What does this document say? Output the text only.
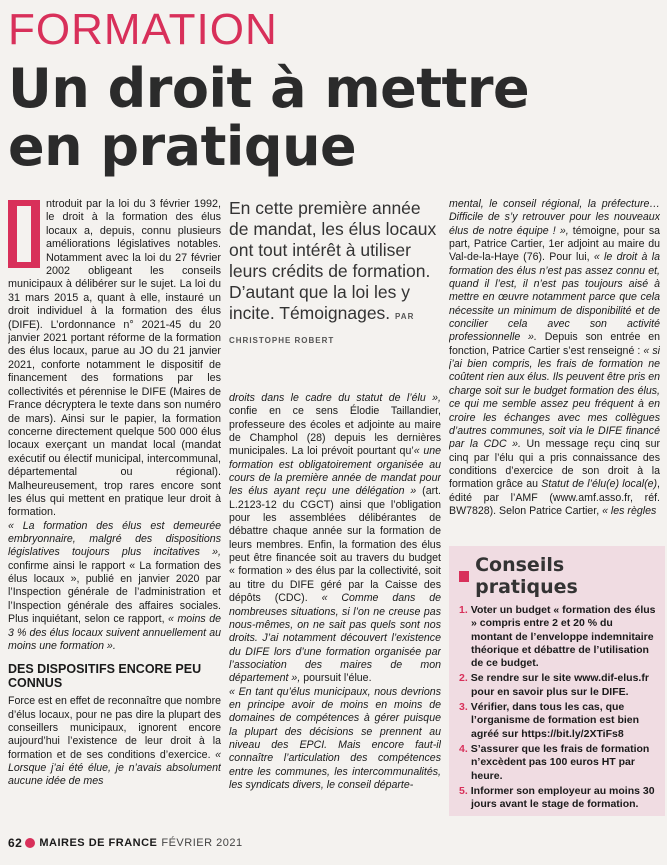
FORMATION
Un droit à mettre
en pratique

ntroduit par la loi du 3 février 1992, le droit à la formation des élus locaux a, depuis, connu plusieurs améliorations législatives notables. Notamment avec la loi du 27 février 2002 obligeant les conseils municipaux à délibérer sur le sujet. La loi du 31 mars 2015 a, quant à elle, instauré un droit individuel à la formation des élus (DIFE). L’ordonnance n° 2021-45 du 20 janvier 2021 portant réforme de la formation des élus locaux, parue au JO du 21 janvier 2021, conforte notamment le dispositif de financement des formations par les collectivités et pérennise le DIFE (Maires de France décryptera le texte dans son numéro de mars). Ainsi sur le papier, la formation concerne directement quelque 500 000 élus locaux exerçant un mandat local (mandat exécutif ou électif municipal, intercommunal, départemental ou régional). Malheureusement, trop rares encore sont les élus qui mettent en pratique leur droit à formation.

« La formation des élus est demeurée embryonnaire, malgré des dispositions législatives toujours plus incitatives », confirme ainsi le rapport « La formation des élus locaux », publié en janvier 2020 par l’Inspection générale de l’administration et l’Inspection générale des affaires sociales. Plus inquiétant, selon ce rapport, « moins de 3 % des élus locaux suivent annuellement au moins une formation ».

DES DISPOSITIFS ENCORE PEU CONNUS

Force est en effet de reconnaître que nombre d’élus locaux, pour ne pas dire la plupart des conseillers municipaux, ignorent encore aujourd’hui l’existence de leur droit à la formation et de ses conditions d’exercice. « Lorsque j’ai été élue, je n’avais absolument aucune idée de mes

En cette première année de mandat, les élus locaux ont tout intérêt à utiliser leurs crédits de formation. D’autant que la loi les y incite. Témoignages. PAR CHRISTOPHE ROBERT

droits dans le cadre du statut de l’élu », confie en ce sens Élodie Taillandier, professeure des écoles et adjointe au maire de Champhol (28) depuis les dernières municipales. La loi prévoit pourtant qu’« une formation est obligatoirement organisée au cours de la première année de mandat pour les élus ayant reçu une délégation » (art. L.2123-12 du CGCT) ainsi que l’obligation pour les assemblées délibérantes de débattre chaque année sur la formation de leurs membres. Enfin, la formation des élus peut être financée soit au travers du budget « formation » des élus par la collectivité, soit au titre du DIFE géré par la Caisse des dépôts (CDC). « Comme dans de nombreuses situations, si l’on ne creuse pas nous-mêmes, on ne sait pas quels sont nos droits. J’ai notamment découvert l’existence du DIFE lors d’une formation organisée par l’association des maires de mon département », poursuit l’élue.

« En tant qu’élus municipaux, nous devrions en principe avoir de moins en moins de domaines de compétences à gérer puisque la plupart des décisions se prennent au niveau des EPCI. Mais encore faut-il connaître l’articulation des compétences entre les communes, les intercommunalités, les syndicats divers, le conseil départe-

mental, le conseil régional, la préfecture… Difficile de s’y retrouver pour les nouveaux élus de notre équipe ! », témoigne, pour sa part, Patrice Cartier, 1er adjoint au maire du Val-de-la-Haye (76). Pour lui, « le droit à la formation des élus n’est pas assez connu et, quand il l’est, il n’est pas toujours aisé à mettre en œuvre notamment parce que cela nécessite un minimum de disponibilité et de concilier cela avec son activité professionnelle ». Depuis son entrée en fonction, Patrice Cartier s’est renseigné : « si j’ai bien compris, les frais de formation ne coûtent rien aux élus. Ils peuvent être pris en charge soit sur le budget formation des élus, ce qui me semble assez peu fréquent à en croire les échanges avec mes collègues d’autres communes, soit via le DIFE financé par la CDC ». Un message reçu cinq sur cinq par l’élu qui a pris connaissance des conditions d’exercice de son droit à la formation grâce au Statut de l’élu(e) local(e), édité par l’AMF (www.amf.asso.fr, réf. BW7828). Selon Patrice Cartier, « les règles

Conseils pratiques
1. Voter un budget « formation des élus » compris entre 2 et 20 % du montant de l’enveloppe indemnitaire théorique et débattre de l’utilisation de ce budget.
2. Se rendre sur le site www.dif-elus.fr pour en savoir plus sur le DIFE.
3. Vérifier, dans tous les cas, que l’organisme de formation est bien agréé sur https://bit.ly/2XTiFs8
4. S’assurer que les frais de formation n’excèdent pas 100 euros HT par heure.
5. Informer son employeur au moins 30 jours avant le stage de formation.
62 MAIRES DE FRANCE FÉVRIER 2021
